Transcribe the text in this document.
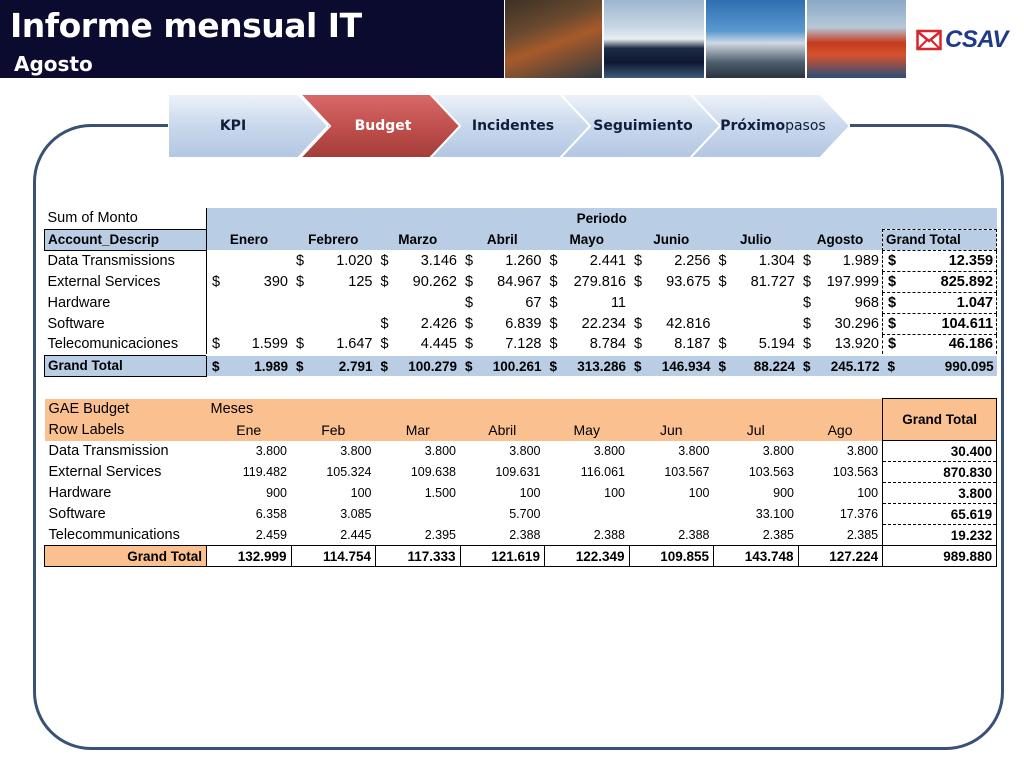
Informe mensual IT
Agosto
CSAV
KPI	Budget	Incidentes	Seguimiento Próximo pasos
Sum of Monto	Periodo								
Account_Descrip	Enero	Febrero	Marzo	Abril	Mayo	Junio	Julio	Agosto	Grand Total
Data Transmissions		$ 1.020	$ 3.146	$ 1.260	$ 2.441	$ 2.256	$ 1.304	$ 1.989	$ 12.359
External Services	$ 390	$ 125	$ 90.262	$ 84.967	$ 279.816	$ 93.675	$ 81.727	$ 197.999	$ 825.892
Hardware				$ 67	$ 11			$ 968	$ 1.047
Software			$ 2.426	$ 6.839	$ 22.234	$ 42.816		$ 30.296	$ 104.611
Telecomunicaciones	$ 1.599	$ 1.647	$ 4.445	$ 7.128	$ 8.784	$ 8.187	$ 5.194	$ 13.920	$ 46.186
Grand Total	$ 1.989	$ 2.791	$ 100.279	$ 100.261	$ 313.286	$ 146.934	$ 88.224	$ 245.172	$ 990.095
GAE Budget	Meses								Grand Total
Row Labels	Ene	Feb	Mar	Abril	May	Jun	Jul	Ago	
Data Transmission	3.800	3.800	3.800	3.800	3.800	3.800	3.800	3.800	30.400
External Services	119.482	105.324	109.638	109.631	116.061	103.567	103.563	103.563	870.830
Hardware	900	100	1.500	100	100	100	900	100	3.800
Software	6.358	3.085		5.700			33.100	17.376	65.619
Telecommunications	2.459	2.445	2.395	2.388	2.388	2.388	2.385	2.385	19.232
Grand Total	132.999	114.754	117.333	121.619	122.349	109.855	143.748	127.224	989.880
